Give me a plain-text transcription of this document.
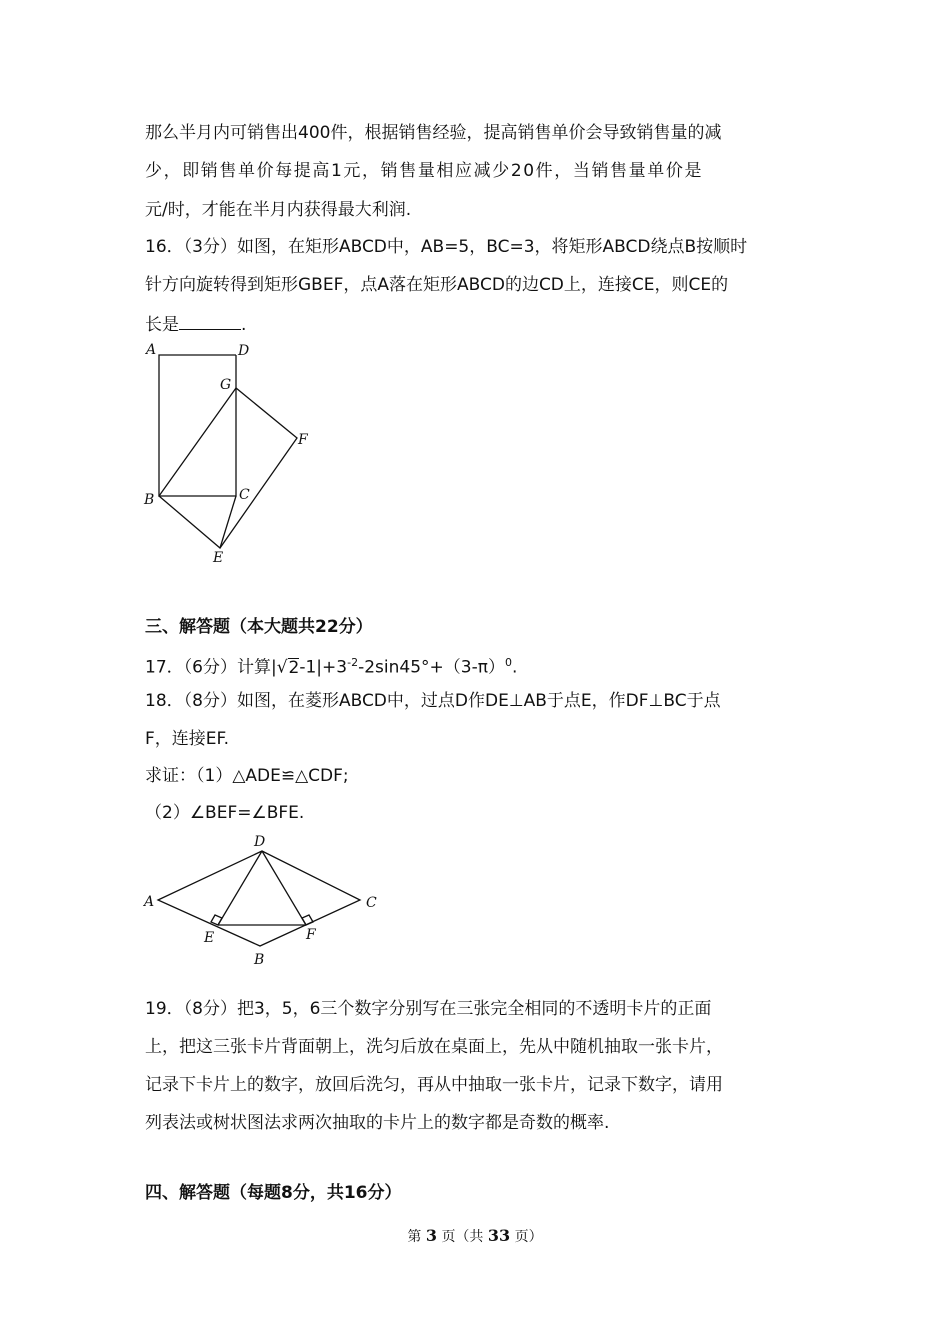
那么半月内可销售出400件，根据销售经验，提高销售单价会导致销售量的减
少，即销售单价每提高1元，销售量相应减少20件，当销售量单价是
元/时，才能在半月内获得最大利润.
16．（3分）如图，在矩形ABCD中，AB=5，BC=3，将矩形ABCD绕点B按顺时
针方向旋转得到矩形GBEF，点A落在矩形ABCD的边CD上，连接CE，则CE的
长是	.
A	D
G
F
B	C
E
三、解答题（本大题共22分）
17．（6分）计算$|√2-1|+3^{-2}-2\sin 45^\circ+(3-\pi)^0$.
18．（8分）如图，在菱形ABCD中，过点D作DE⊥AB于点E，作DF⊥BC于点
F，连接EF.
求证：（1）△ADE≌△CDF;
（2）∠BEF=∠BFE.
D
A	C
E	F
B
19．（8分）把3，5，6三个数字分别写在三张完全相同的不透明卡片的正面
上，把这三张卡片背面朝上，洗匀后放在桌面上，先从中随机抽取一张卡片，
记录下卡片上的数字，放回后洗匀，再从中抽取一张卡片，记录下数字，请用
列表法或树状图法求两次抽取的卡片上的数字都是奇数的概率.
四、解答题（每题8分，共16分）
第 3 页（共 33 页）
